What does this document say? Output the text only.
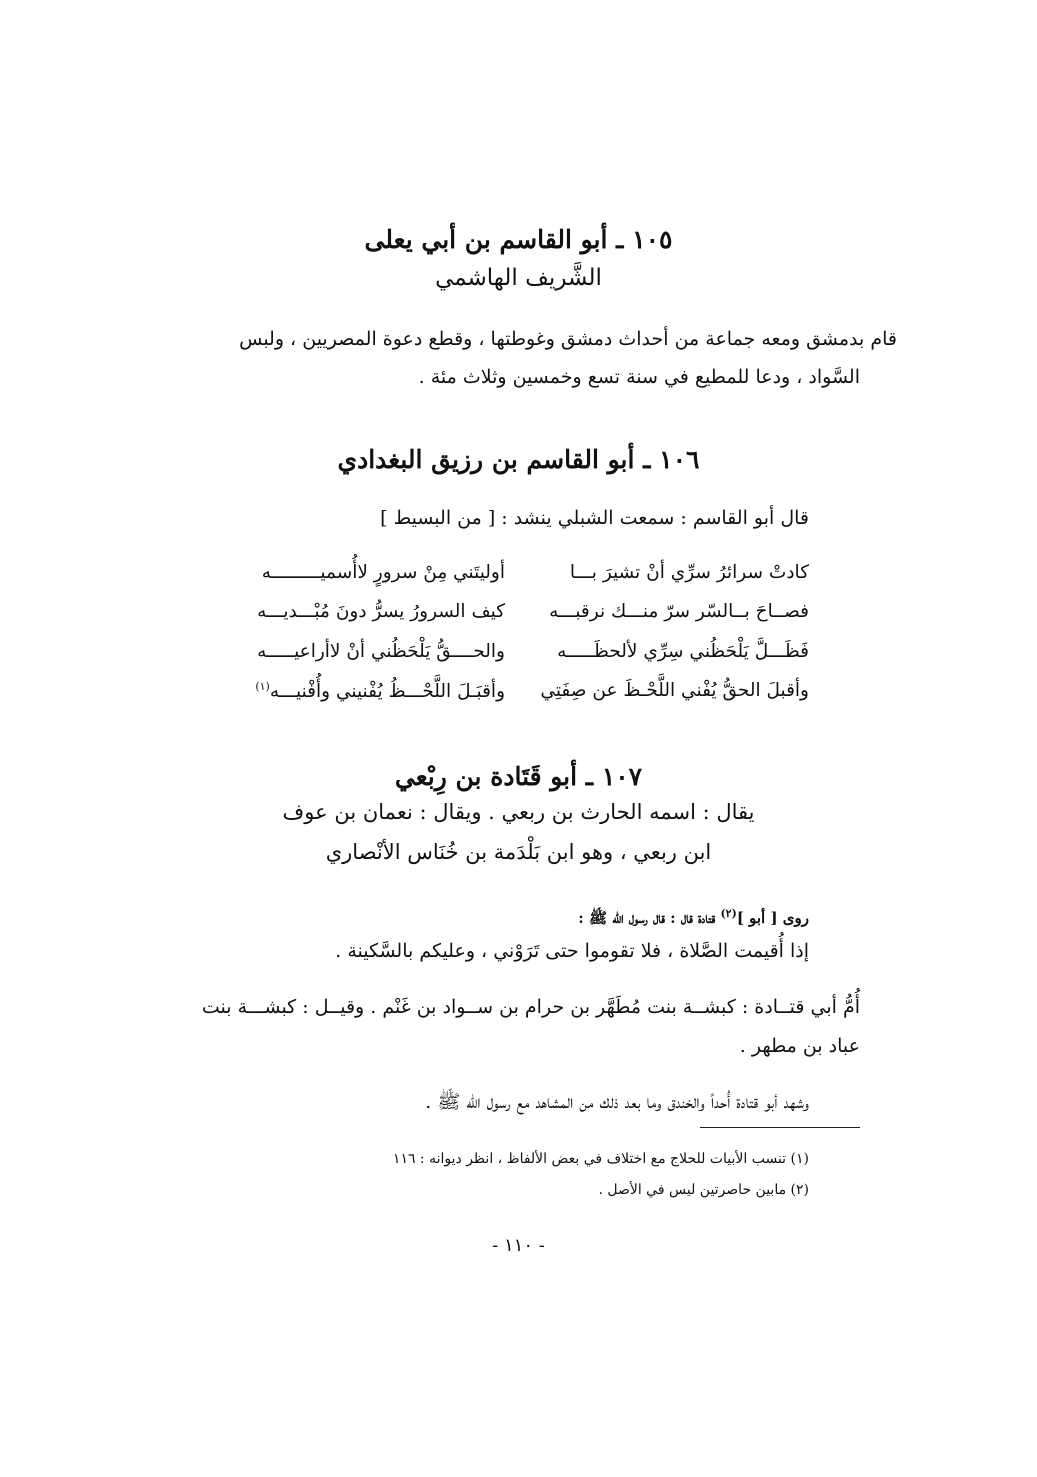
١٠٥ ـ أبو القاسم بن أبي يعلى
الشَّريف الهاشمي
قام بدمشق ومعه جماعة من أحداث دمشق وغوطتها ، وقطع دعوة المصريين ، ولبس
السَّواد ، ودعا للمطيع في سنة تسع وخمسين وثلاث مئة .
١٠٦ ـ أبو القاسم بن رزيق البغدادي
قال أبو القاسم : سمعت الشبلي ينشد : [ من البسيط ]
كادتْ سرائرُ سرِّي أنْ تشيرَ بـــا
أوليتَني مِنْ سرورٍ لاأُسميـــــــــه
فصــاحَ بــالسّر سرّ منـــك نرقبـــه
كيف السرورُ يسرُّ دونَ مُبْـــديـــه
فَظَـــلَّ يَلْحَظُني سِرِّي لألحظَـــــه
والحــــقُّ يَلْحَظُني أنْ لاأراعيـــــه
وأقبلَ الحقُّ يُفْني اللَّحْـظَ عن صِفَتِي
وأقبَـلَ اللَّحْـــظُ يُفْنيني وأُفْنيـــه$^{(١)}$
١٠٧ ـ أبو قَتَادة بن رِبْعي
يقال : اسمه الحارث بن ربعي . ويقال : نعمان بن عوف
ابن ربعي ، وهو ابن بَلْدَمة بن خُنَاس الأنْصاري
روى [ أبو ]$^{(٢)}$ قتادة قال : قال رسول الله ﷺ :
إذا أُقيمت الصَّلاة ، فلا تقوموا حتى تَرَوْني ، وعليكم بالسَّكينة .
أُمُّ أبي قتــادة : كبشــة بنت مُطَهَّر بن حرام بن ســواد بن غَنْم . وقيــل : كبشـــة بنت
عباد بن مطهر .
وشهد أبو قتادة أُحداً والخندق وما بعد ذلك من المشاهد مع رسول الله ﷺ .
(١) تنسب الأبيات للحلاج مع اختلاف في بعض الألفاظ ، انظر ديوانه : ١١٦
(٢) مابين حاصرتين ليس في الأصل .
- ١١٠ -
